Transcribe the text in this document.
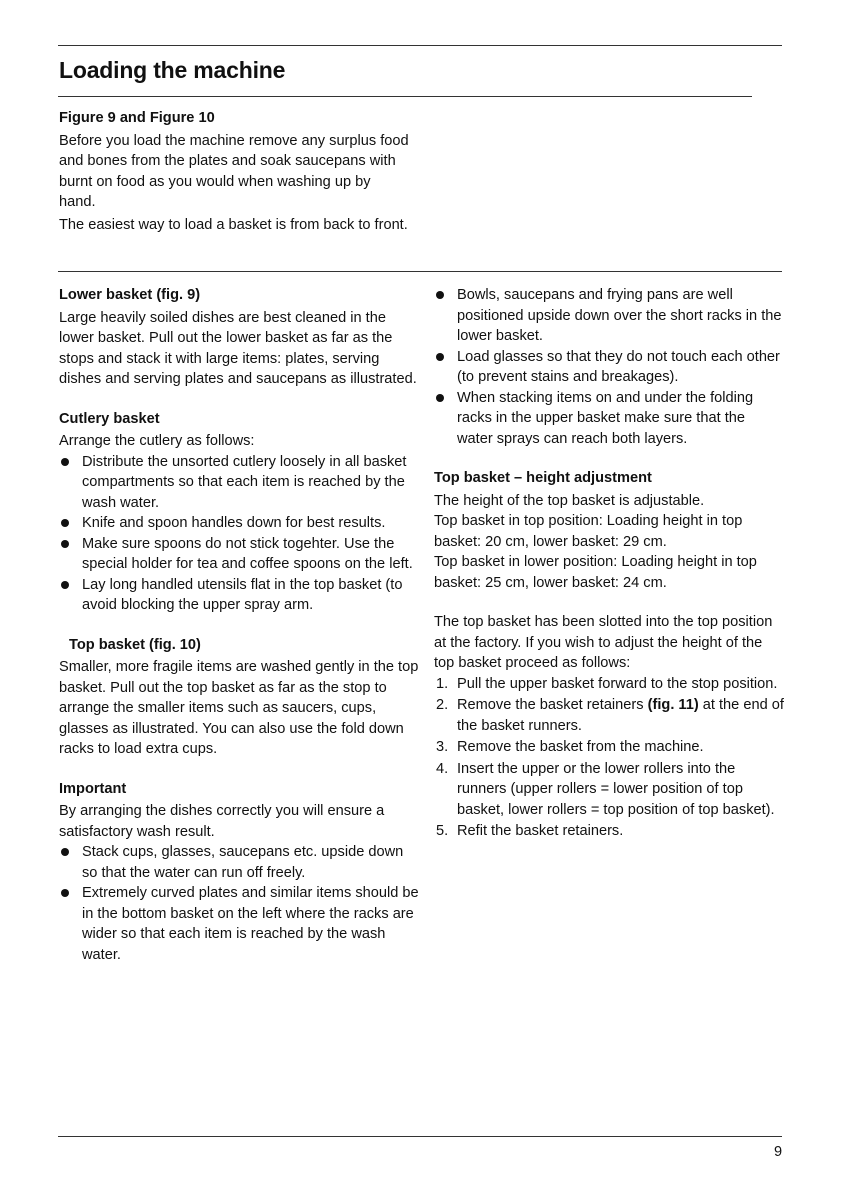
Loading the machine

Figure 9 and Figure 10

Before you load the machine remove any surplus food and bones from the plates and soak saucepans with burnt on food as you would when washing up by hand.

The easiest way to load a basket is from back to front.

Lower basket (fig. 9)

Large heavily soiled dishes are best cleaned in the lower basket. Pull out the lower basket as far as the stops and stack it with large items: plates, serving dishes and serving plates and saucepans as illustrated.

Cutlery basket

Arrange the cutlery as follows:

Distribute the unsorted cutlery loosely in all basket compartments so that each item is reached by the wash water.
Knife and spoon handles down for best results.
Make sure spoons do not stick togehter. Use the special holder for tea and coffee spoons on the left.
Lay long handled utensils flat in the top basket (to avoid blocking the upper spray arm.

Top basket (fig. 10)

Smaller, more fragile items are washed gently in the top basket. Pull out the top basket as far as the stop to arrange the smaller items such as saucers, cups, glasses as illustrated. You can also use the fold down racks to load extra cups.

Important

By arranging the dishes correctly you will ensure a satisfactory wash result.

Stack cups, glasses, saucepans etc. upside down so that the water can run off freely.
Extremely curved plates and similar items should be in the bottom basket on the left where the racks are wider so that each item is reached by the wash water.
Bowls, saucepans and frying pans are well positioned upside down over the short racks in the lower basket.
Load glasses so that they do not touch each other (to prevent stains and breakages).
When stacking items on and under the folding racks in the upper basket make sure that the water sprays can reach both layers.

Top basket – height adjustment

The height of the top basket is adjustable.

Top basket in top position: Loading height in top basket: 20 cm, lower basket: 29 cm.

Top basket in lower position: Loading height in top basket: 25 cm, lower basket: 24 cm.

The top basket has been slotted into the top position at the factory. If you wish to adjust the height of the top basket proceed as follows:

1. Pull the upper basket forward to the stop position.
2. Remove the basket retainers (fig. 11) at the end of the basket runners.
3. Remove the basket from the machine.
4. Insert the upper or the lower rollers into the runners (upper rollers = lower position of top basket, lower rollers = top position of top basket).
5. Refit the basket retainers.
9
